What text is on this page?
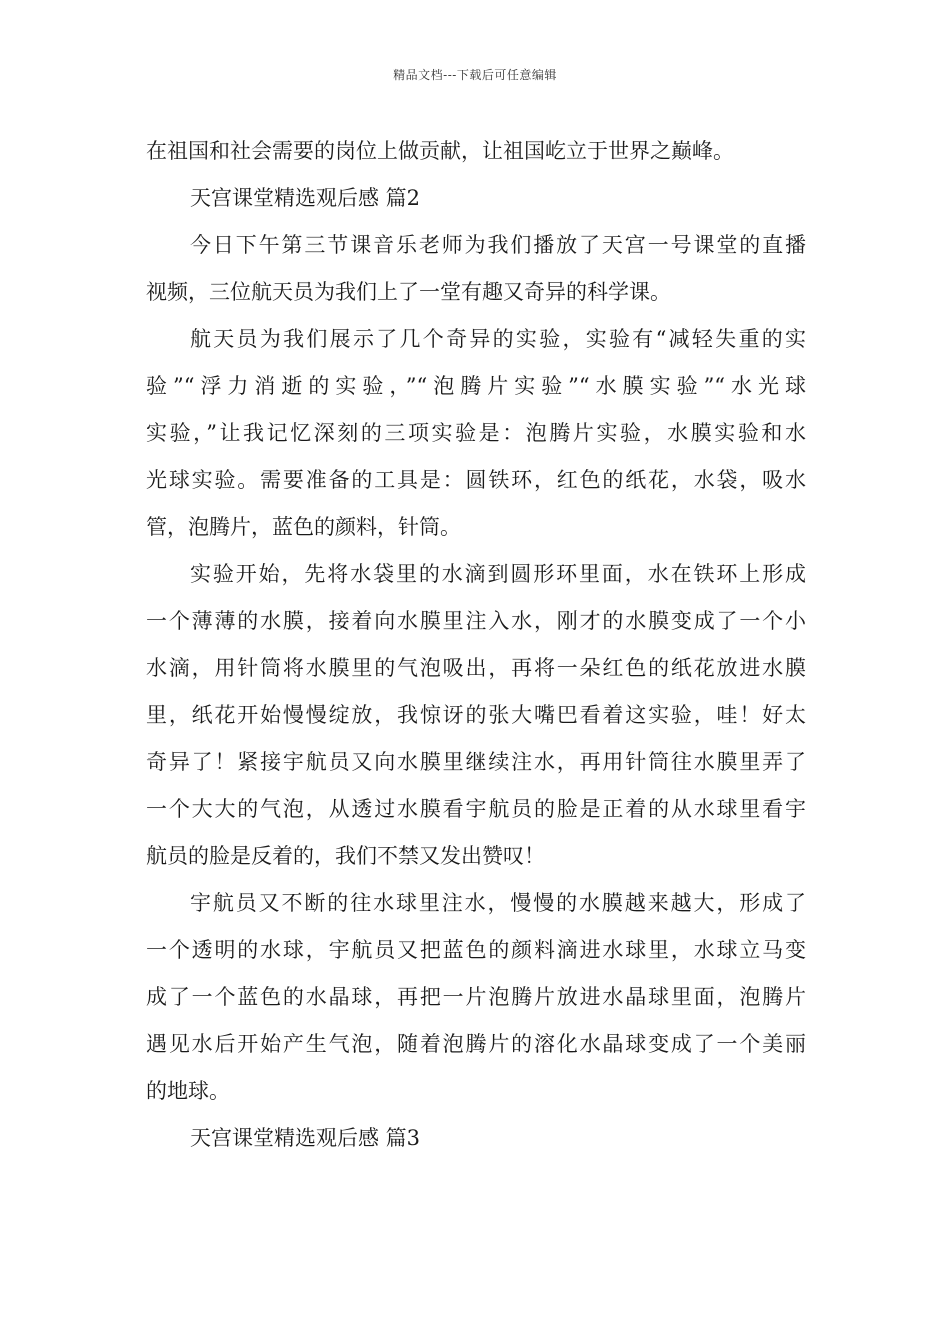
精品文档---下载后可任意编辑

在祖国和社会需要的岗位上做贡献，让祖国屹立于世界之巅峰。

天宫课堂精选观后感 篇2

今日下午第三节课音乐老师为我们播放了天宫一号课堂的直播
视频，三位航天员为我们上了一堂有趣又奇异的科学课。

航天员为我们展示了几个奇异的实验，实验有“减轻失重的实
验”“浮力消逝的实验，”“泡腾片实验”“水膜实验”“水光球
实验，”让我记忆深刻的三项实验是：泡腾片实验，水膜实验和水
光球实验。需要准备的工具是：圆铁环，红色的纸花，水袋，吸水
管，泡腾片，蓝色的颜料，针筒。

实验开始，先将水袋里的水滴到圆形环里面，水在铁环上形成
一个薄薄的水膜，接着向水膜里注入水，刚才的水膜变成了一个小
水滴，用针筒将水膜里的气泡吸出，再将一朵红色的纸花放进水膜
里，纸花开始慢慢绽放，我惊讶的张大嘴巴看着这实验，哇！好太
奇异了！紧接宇航员又向水膜里继续注水，再用针筒往水膜里弄了
一个大大的气泡，从透过水膜看宇航员的脸是正着的从水球里看宇
航员的脸是反着的，我们不禁又发出赞叹！

宇航员又不断的往水球里注水，慢慢的水膜越来越大，形成了
一个透明的水球，宇航员又把蓝色的颜料滴进水球里，水球立马变
成了一个蓝色的水晶球，再把一片泡腾片放进水晶球里面，泡腾片
遇见水后开始产生气泡，随着泡腾片的溶化水晶球变成了一个美丽
的地球。

天宫课堂精选观后感 篇3
